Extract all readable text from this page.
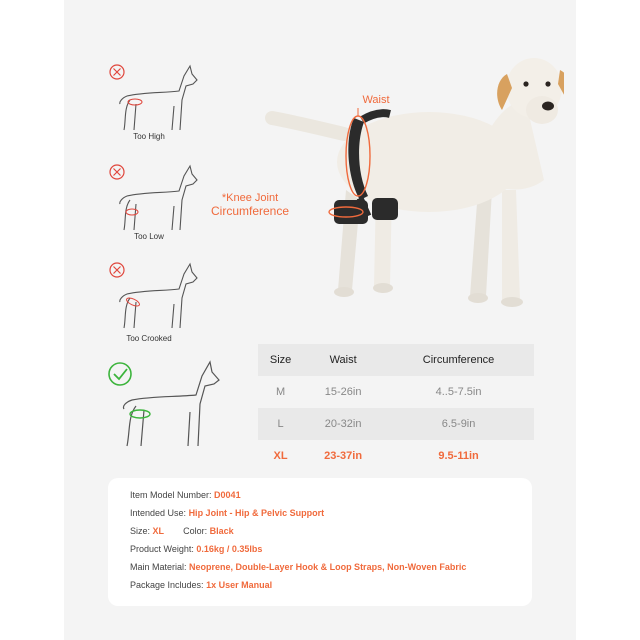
Too High
Too Low
Too Crooked
Waist
*Knee Joint
Circumference
Size	Waist	Circumference
M	15-26in	4..5-7.5in
L	20-32in	6.5-9in
XL	23-37in	9.5-11in
Item Model Number: D0041
Intended Use: Hip Joint - Hip & Pelvic Support
Size: XL Color: Black
Product Weight: 0.16kg / 0.35lbs
Main Material: Neoprene, Double-Layer Hook & Loop Straps, Non-Woven Fabric
Package Includes: 1x User Manual
